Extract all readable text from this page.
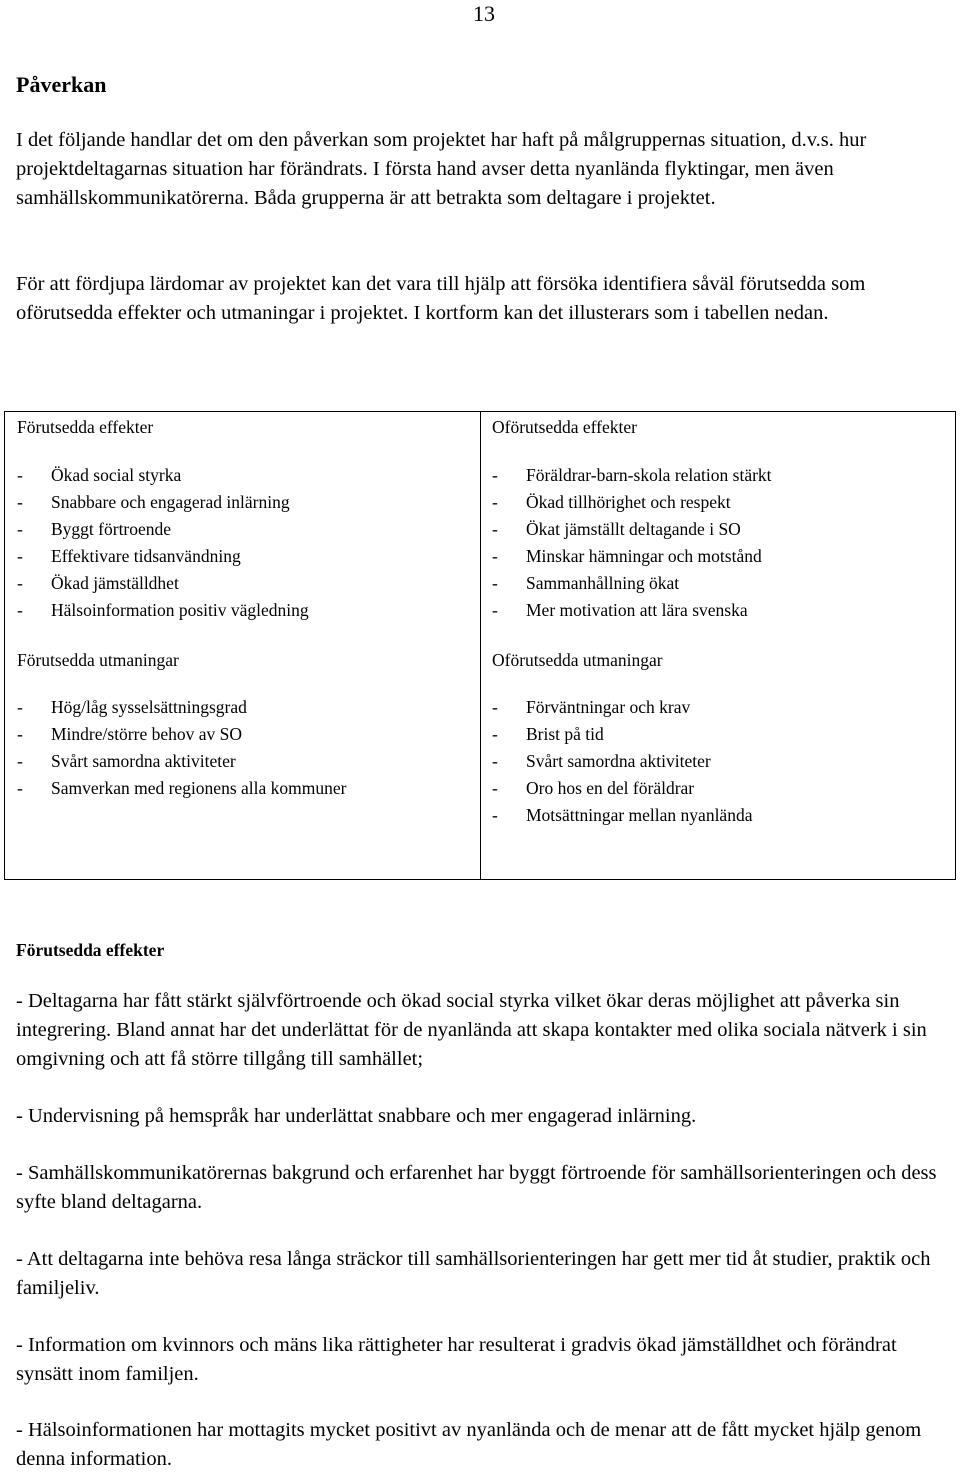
13
Påverkan

I det följande handlar det om den påverkan som projektet har haft på målgruppernas situation, d.v.s. hur projektdeltagarnas situation har förändrats. I första hand avser detta nyanlända flyktingar, men även samhällskommunikatörerna. Båda grupperna är att betrakta som deltagare i projektet.

För att fördjupa lärdomar av projektet kan det vara till hjälp att försöka identifiera såväl förutsedda som oförutsedda effekter och utmaningar i projektet. I kortform kan det illusterars som i tabellen nedan.

Förutsedda effekter
- Ökad social styrka
- Snabbare och engagerad inlärning
- Byggt förtroende
- Effektivare tidsanvändning
- Ökad jämställdhet
- Hälsoinformation positiv vägledning
Oförutsedda effekter
- Föräldrar-barn-skola relation stärkt
- Ökad tillhörighet och respekt
- Ökat jämställt deltagande i SO
- Minskar hämningar och motstånd
- Sammanhållning ökat
- Mer motivation att lära svenska
Förutsedda utmaningar
- Hög/låg sysselsättningsgrad
- Mindre/större behov av SO
- Svårt samordna aktiviteter
- Samverkan med regionens alla kommuner
Oförutsedda utmaningar
- Förväntningar och krav
- Brist på tid
- Svårt samordna aktiviteter
- Oro hos en del föräldrar
- Motsättningar mellan nyanlända
Förutsedda effekter

- Deltagarna har fått stärkt självförtroende och ökad social styrka vilket ökar deras möjlighet att påverka sin integrering. Bland annat har det underlättat för de nyanlända att skapa kontakter med olika sociala nätverk i sin omgivning och att få större tillgång till samhället;

- Undervisning på hemspråk har underlättat snabbare och mer engagerad inlärning.

- Samhällskommunikatörernas bakgrund och erfarenhet har byggt förtroende för samhällsorienteringen och dess syfte bland deltagarna.

- Att deltagarna inte behöva resa långa sträckor till samhällsorienteringen har gett mer tid åt studier, praktik och familjeliv.

- Information om kvinnors och mäns lika rättigheter har resulterat i gradvis ökad jämställdhet och förändrat synsätt inom familjen.

- Hälsoinformationen har mottagits mycket positivt av nyanlända och de menar att de fått mycket hjälp genom denna information.
